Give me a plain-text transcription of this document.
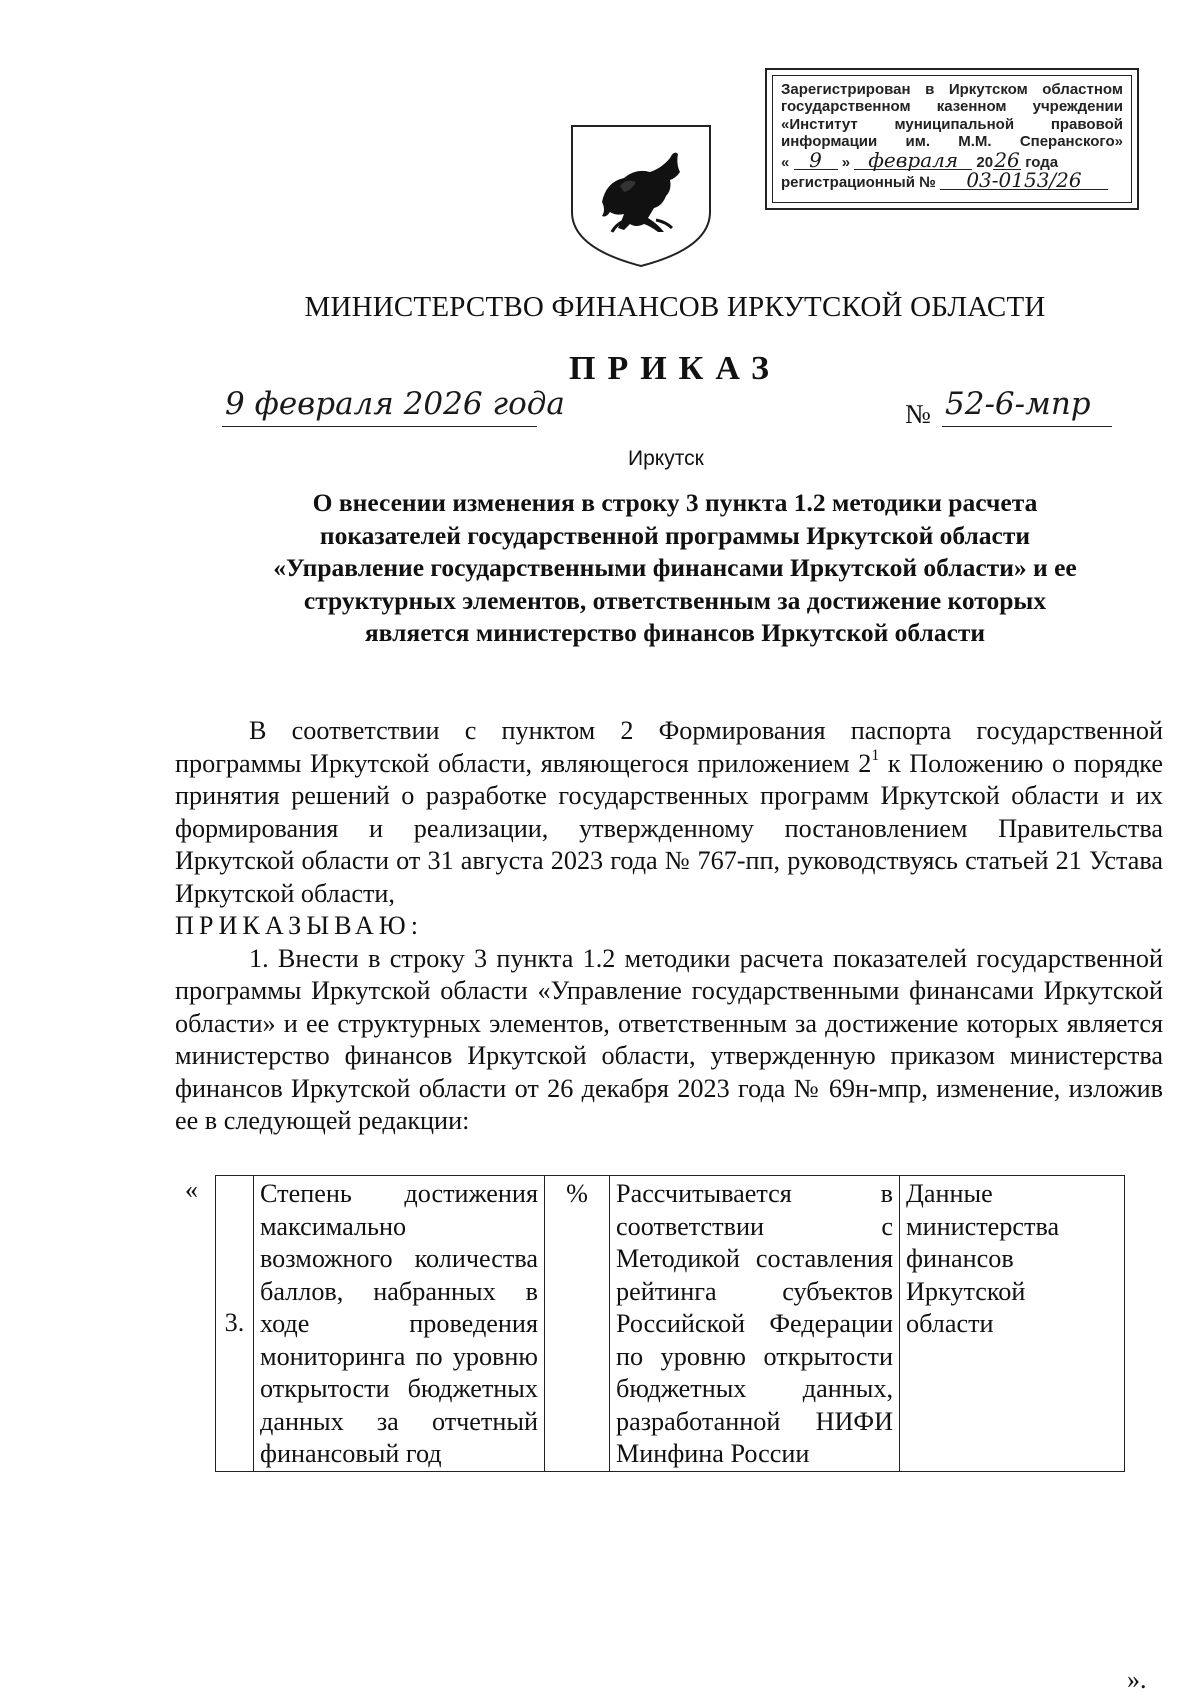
Зарегистрирован в Иркутском областном
государственном казенном учреждении
«Институт муниципальной правовой
информации им. М.М. Сперанского»
« 9 » февраля 2026 года
регистрационный № 03-0153/26
МИНИСТЕРСТВО ФИНАНСОВ ИРКУТСКОЙ ОБЛАСТИ
ПРИКАЗ
9 февраля 2026 года	№ 52-6-мпр
Иркутск
О внесении изменения в строку 3 пункта 1.2 методики расчета
показателей государственной программы Иркутской области
«Управление государственными финансами Иркутской области» и ее
структурных элементов, ответственным за достижение которых
является министерство финансов Иркутской области

В соответствии с пунктом 2 Формирования паспорта государственной программы Иркутской области, являющегося приложением $2^1$ к Положению о порядке принятия решений о разработке государственных программ Иркутской области и их формирования и реализации, утвержденному постановлением Правительства Иркутской области от 31 августа 2023 года № 767-пп, руководствуясь статьей 21 Устава Иркутской области,

ПРИКАЗЫВАЮ:

1. Внести в строку 3 пункта 1.2 методики расчета показателей государственной программы Иркутской области «Управление государственными финансами Иркутской области» и ее структурных элементов, ответственным за достижение которых является министерство финансов Иркутской области, утвержденную приказом министерства финансов Иркутской области от 26 декабря 2023 года № 69н-мпр, изменение, изложив ее в следующей редакции:

«
3.	Степень достижения максимально возможного количества баллов, набранных в ходе проведения мониторинга по уровню открытости бюджетных данных за отчетный финансовый год	%	Рассчитывается в соответствии с Методикой составления рейтинга субъектов Российской Федерации по уровню открытости бюджетных данных, разработанной НИФИ Минфина России	Данные министерства финансов Иркутской области
».
